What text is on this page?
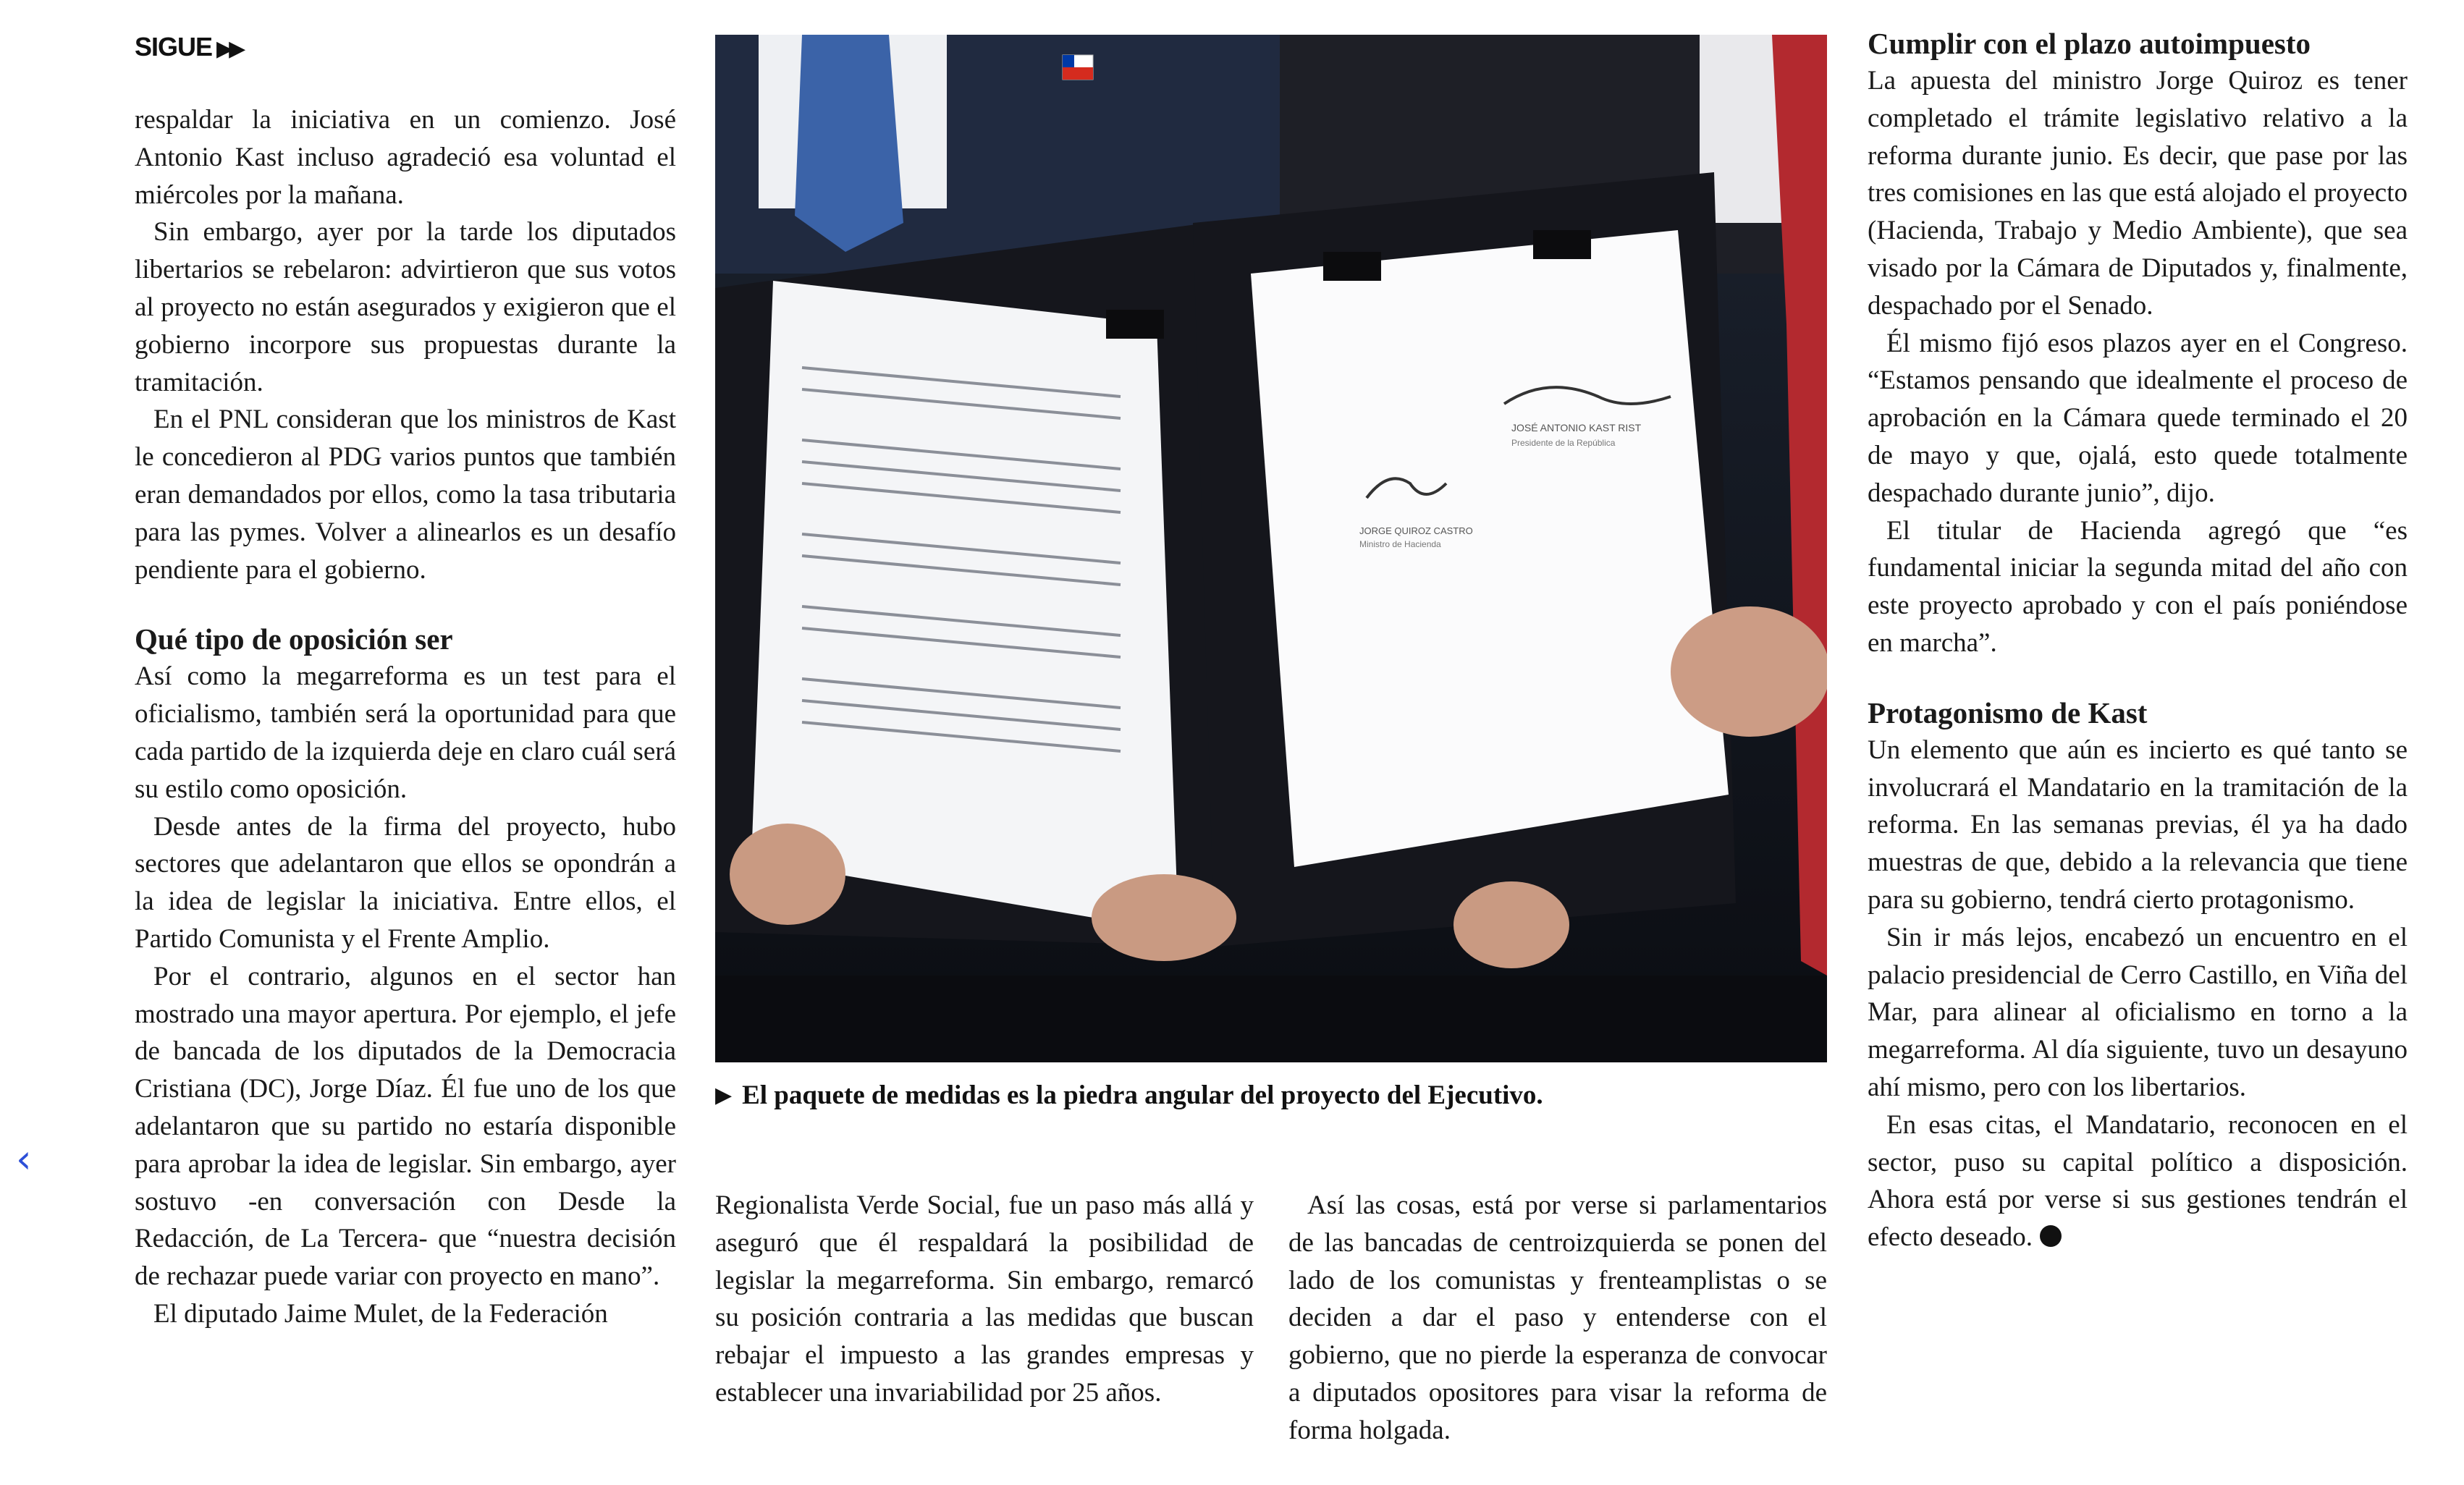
‹
SIGUE ▶▶

respaldar la iniciativa en un comienzo. José Antonio Kast incluso agradeció esa voluntad el miércoles por la mañana.

Sin embargo, ayer por la tarde los diputados libertarios se rebelaron: advirtieron que sus votos al proyecto no están asegurados y exigieron que el gobierno incorpore sus propuestas durante la tramitación.

En el PNL consideran que los ministros de Kast le concedieron al PDG varios puntos que también eran demandados por ellos, como la tasa tributaria para las pymes. Volver a alinearlos es un desafío pendiente para el gobierno.

Qué tipo de oposición ser

Así como la megarreforma es un test para el oficialismo, también será la oportunidad para que cada partido de la izquierda deje en claro cuál será su estilo como oposición.

Desde antes de la firma del proyecto, hubo sectores que adelantaron que ellos se opondrán a la idea de legislar la iniciativa. Entre ellos, el Partido Comunista y el Frente Amplio.

Por el contrario, algunos en el sector han mostrado una mayor apertura. Por ejemplo, el jefe de bancada de los diputados de la Democracia Cristiana (DC), Jorge Díaz. Él fue uno de los que adelantaron que su partido no estaría disponible para aprobar la idea de legislar. Sin embargo, ayer sostuvo -en conversación con Desde la Redacción, de La Tercera- que “nuestra decisión de rechazar puede variar con proyecto en mano”.

El diputado Jaime Mulet, de la Federación

JOSÉ ANTONIO KAST RIST
Presidente de la República
JORGE QUIROZ CASTRO
Ministro de Hacienda
▶ El paquete de medidas es la piedra angular del proyecto del Ejecutivo.

Regionalista Verde Social, fue un paso más allá y aseguró que él respaldará la posibilidad de legislar la megarreforma. Sin embargo, remarcó su posición contraria a las medidas que buscan rebajar el impuesto a las grandes empresas y establecer una invariabilidad por 25 años.

Así las cosas, está por verse si parlamentarios de las bancadas de centroizquierda se ponen del lado de los comunistas y frenteamplistas o se deciden a dar el paso y entenderse con el gobierno, que no pierde la esperanza de convocar a diputados opositores para visar la reforma de forma holgada.

Cumplir con el plazo autoimpuesto

La apuesta del ministro Jorge Quiroz es tener completado el trámite legislativo relativo a la reforma durante junio. Es decir, que pase por las tres comisiones en las que está alojado el proyecto (Hacienda, Trabajo y Medio Ambiente), que sea visado por la Cámara de Diputados y, finalmente, despachado por el Senado.

Él mismo fijó esos plazos ayer en el Congreso. “Estamos pensando que idealmente el proceso de aprobación en la Cámara quede terminado el 20 de mayo y que, ojalá, esto quede totalmente despachado durante junio”, dijo.

El titular de Hacienda agregó que “es fundamental iniciar la segunda mitad del año con este proyecto aprobado y con el país poniéndose en marcha”.

Protagonismo de Kast

Un elemento que aún es incierto es qué tanto se involucrará el Mandatario en la tramitación de la reforma. En las semanas previas, él ya ha dado muestras de que, debido a la relevancia que tiene para su gobierno, tendrá cierto protagonismo.

Sin ir más lejos, encabezó un encuentro en el palacio presidencial de Cerro Castillo, en Viña del Mar, para alinear al oficialismo en torno a la megarreforma. Al día siguiente, tuvo un desayuno ahí mismo, pero con los libertarios.

En esas citas, el Mandatario, reconocen en el sector, puso su capital político a disposición. Ahora está por verse si sus gestiones tendrán el efecto deseado.
